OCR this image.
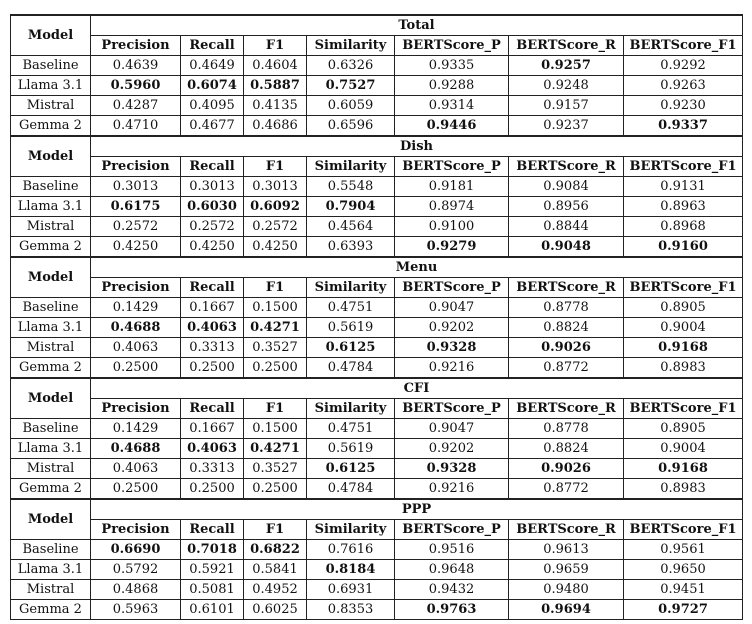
Model	Total						
	Precision	Recall	F1	Similarity	BERTScore_P	BERTScore_R	BERTScore_F1
Baseline	0.4639	0.4649	0.4604	0.6326	0.9335	0.9257	0.9292
Llama 3.1	0.5960	0.6074	0.5887	0.7527	0.9288	0.9248	0.9263
Mistral	0.4287	0.4095	0.4135	0.6059	0.9314	0.9157	0.9230
Gemma 2	0.4710	0.4677	0.4686	0.6596	0.9446	0.9237	0.9337
Model	Dish						
	Precision	Recall	F1	Similarity	BERTScore_P	BERTScore_R	BERTScore_F1
Baseline	0.3013	0.3013	0.3013	0.5548	0.9181	0.9084	0.9131
Llama 3.1	0.6175	0.6030	0.6092	0.7904	0.8974	0.8956	0.8963
Mistral	0.2572	0.2572	0.2572	0.4564	0.9100	0.8844	0.8968
Gemma 2	0.4250	0.4250	0.4250	0.6393	0.9279	0.9048	0.9160
Model	Menu						
	Precision	Recall	F1	Similarity	BERTScore_P	BERTScore_R	BERTScore_F1
Baseline	0.1429	0.1667	0.1500	0.4751	0.9047	0.8778	0.8905
Llama 3.1	0.4688	0.4063	0.4271	0.5619	0.9202	0.8824	0.9004
Mistral	0.4063	0.3313	0.3527	0.6125	0.9328	0.9026	0.9168
Gemma 2	0.2500	0.2500	0.2500	0.4784	0.9216	0.8772	0.8983
Model	CFI						
	Precision	Recall	F1	Similarity	BERTScore_P	BERTScore_R	BERTScore_F1
Baseline	0.1429	0.1667	0.1500	0.4751	0.9047	0.8778	0.8905
Llama 3.1	0.4688	0.4063	0.4271	0.5619	0.9202	0.8824	0.9004
Mistral	0.4063	0.3313	0.3527	0.6125	0.9328	0.9026	0.9168
Gemma 2	0.2500	0.2500	0.2500	0.4784	0.9216	0.8772	0.8983
Model	PPP						
	Precision	Recall	F1	Similarity	BERTScore_P	BERTScore_R	BERTScore_F1
Baseline	0.6690	0.7018	0.6822	0.7616	0.9516	0.9613	0.9561
Llama 3.1	0.5792	0.5921	0.5841	0.8184	0.9648	0.9659	0.9650
Mistral	0.4868	0.5081	0.4952	0.6931	0.9432	0.9480	0.9451
Gemma 2	0.5963	0.6101	0.6025	0.8353	0.9763	0.9694	0.9727
